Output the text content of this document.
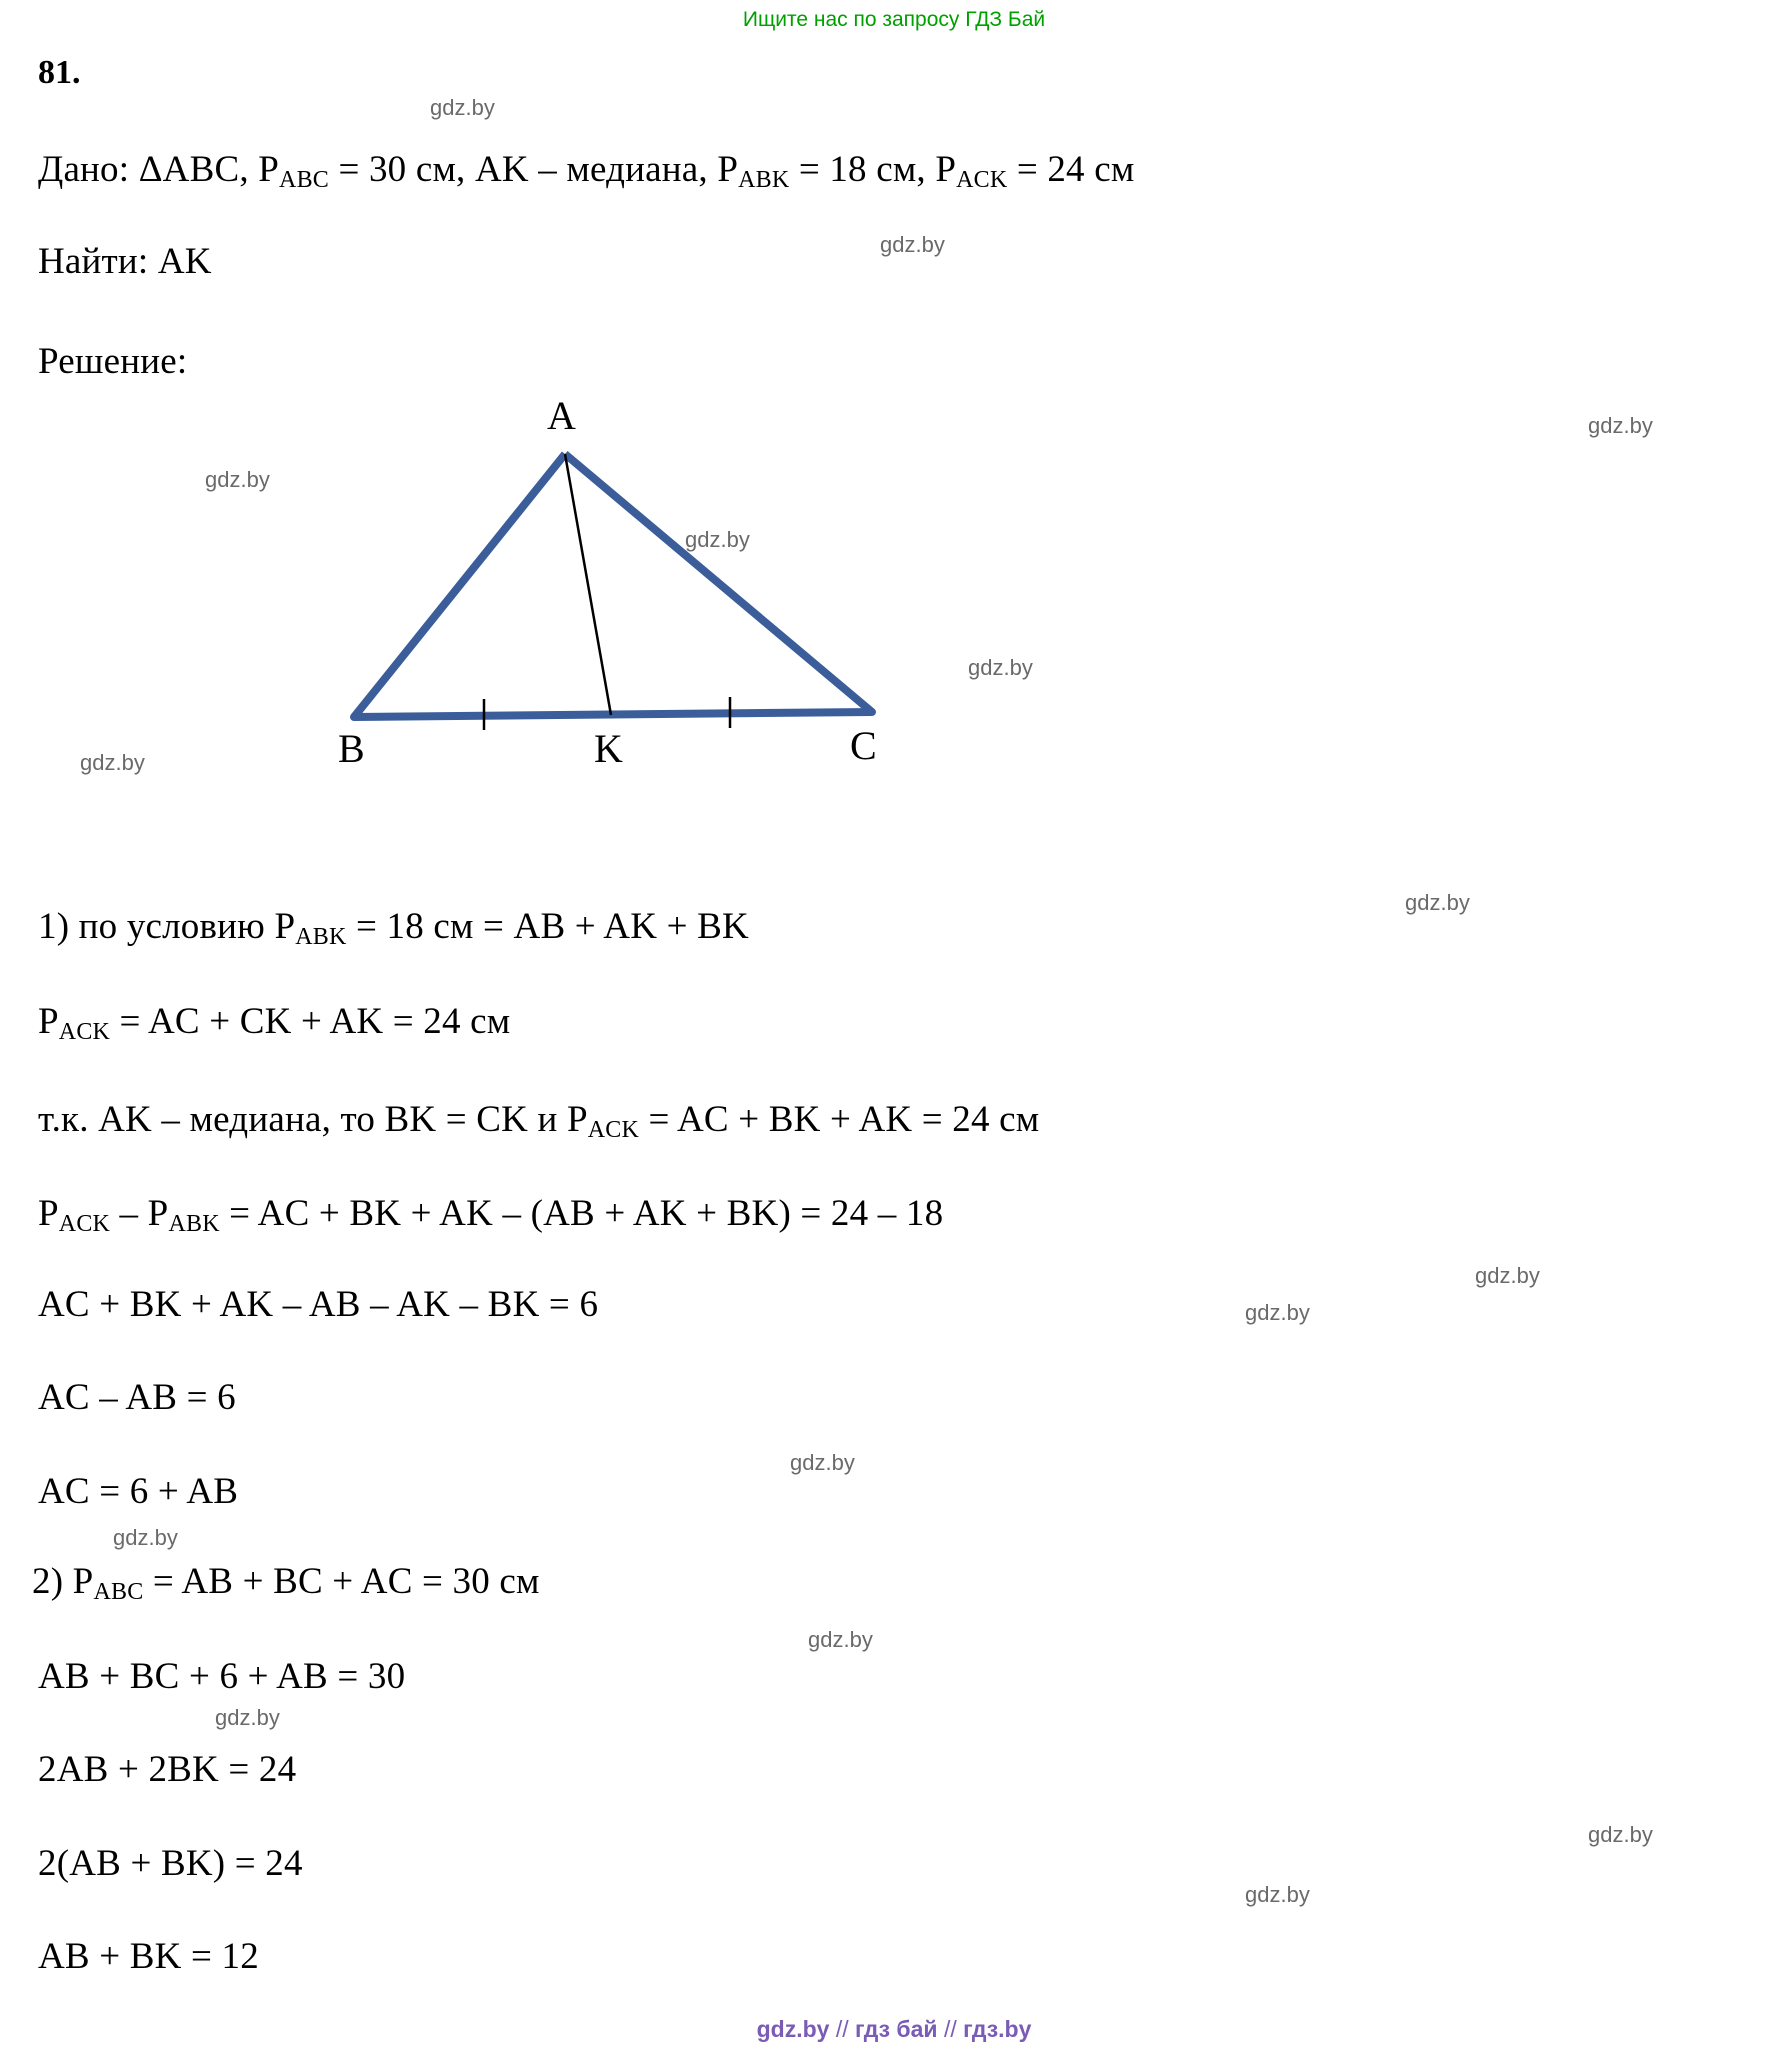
Ищите нас по запросу ГДЗ Бай
81.
Дано: ΔABC, $P_{ABC} = 30$ см, AK – медиана, $P_{ABK} = 18$ см, $P_{ACK} = 24$ см
Найти: AK
Решение:
A
B	K	C
1) по условию $P_{ABK} = 18$ см = AB + AK + BK
$P_{ACK}$ = AC + CK + AK = 24 см
т.к. AK – медиана, то BK = CK и $P_{ACK}$ = AC + BK + AK = 24 см
$P_{ACK} - P_{ABK}$ = AC + BK + AK – (AB + AK + BK) = 24 – 18
AC + BK + AK – AB – AK – BK = 6
AC – AB = 6
AC = 6 + AB
2) $P_{ABC}$ = AB + BC + AC = 30 см
AB + BC + 6 + AB = 30
2AB + 2BK = 24
2(AB + BK) = 24
AB + BK = 12
gdz.by
gdz.by
gdz.by
gdz.by
gdz.by
gdz.by
gdz.by
gdz.by
gdz.by
gdz.by
gdz.by
gdz.by
gdz.by
gdz.by
gdz.by
gdz.by
gdz.by // гдз бай // гдз.by
